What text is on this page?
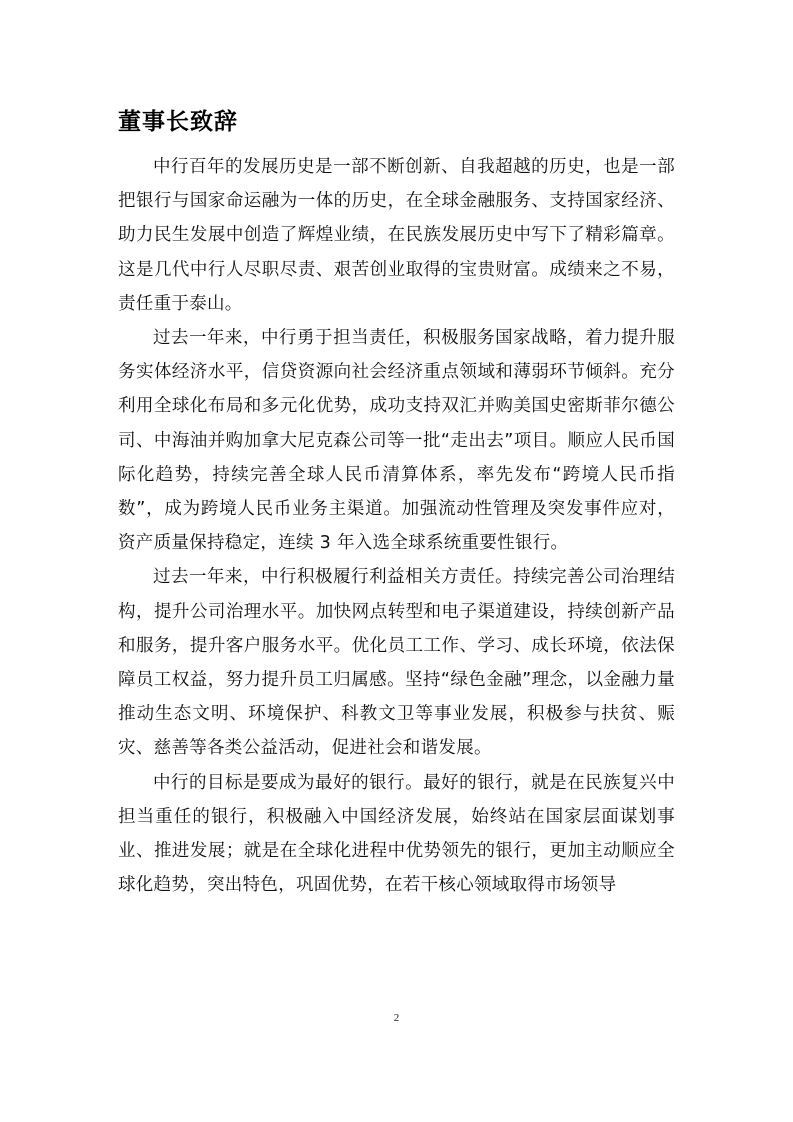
董事长致辞

中行百年的发展历史是一部不断创新、自我超越的历史，也是一部把银行与国家命运融为一体的历史，在全球金融服务、支持国家经济、助力民生发展中创造了辉煌业绩，在民族发展历史中写下了精彩篇章。这是几代中行人尽职尽责、艰苦创业取得的宝贵财富。成绩来之不易，责任重于泰山。

过去一年来，中行勇于担当责任，积极服务国家战略，着力提升服务实体经济水平，信贷资源向社会经济重点领域和薄弱环节倾斜。充分利用全球化布局和多元化优势，成功支持双汇并购美国史密斯菲尔德公司、中海油并购加拿大尼克森公司等一批“走出去”项目。顺应人民币国际化趋势，持续完善全球人民币清算体系，率先发布“跨境人民币指数”，成为跨境人民币业务主渠道。加强流动性管理及突发事件应对，资产质量保持稳定，连续 3 年入选全球系统重要性银行。

过去一年来，中行积极履行利益相关方责任。持续完善公司治理结构，提升公司治理水平。加快网点转型和电子渠道建设，持续创新产品和服务，提升客户服务水平。优化员工工作、学习、成长环境，依法保障员工权益，努力提升员工归属感。坚持“绿色金融”理念，以金融力量推动生态文明、环境保护、科教文卫等事业发展，积极参与扶贫、赈灾、慈善等各类公益活动，促进社会和谐发展。

中行的目标是要成为最好的银行。最好的银行，就是在民族复兴中担当重任的银行，积极融入中国经济发展，始终站在国家层面谋划事业、推进发展；就是在全球化进程中优势领先的银行，更加主动顺应全球化趋势，突出特色，巩固优势，在若干核心领域取得市场领导

2
